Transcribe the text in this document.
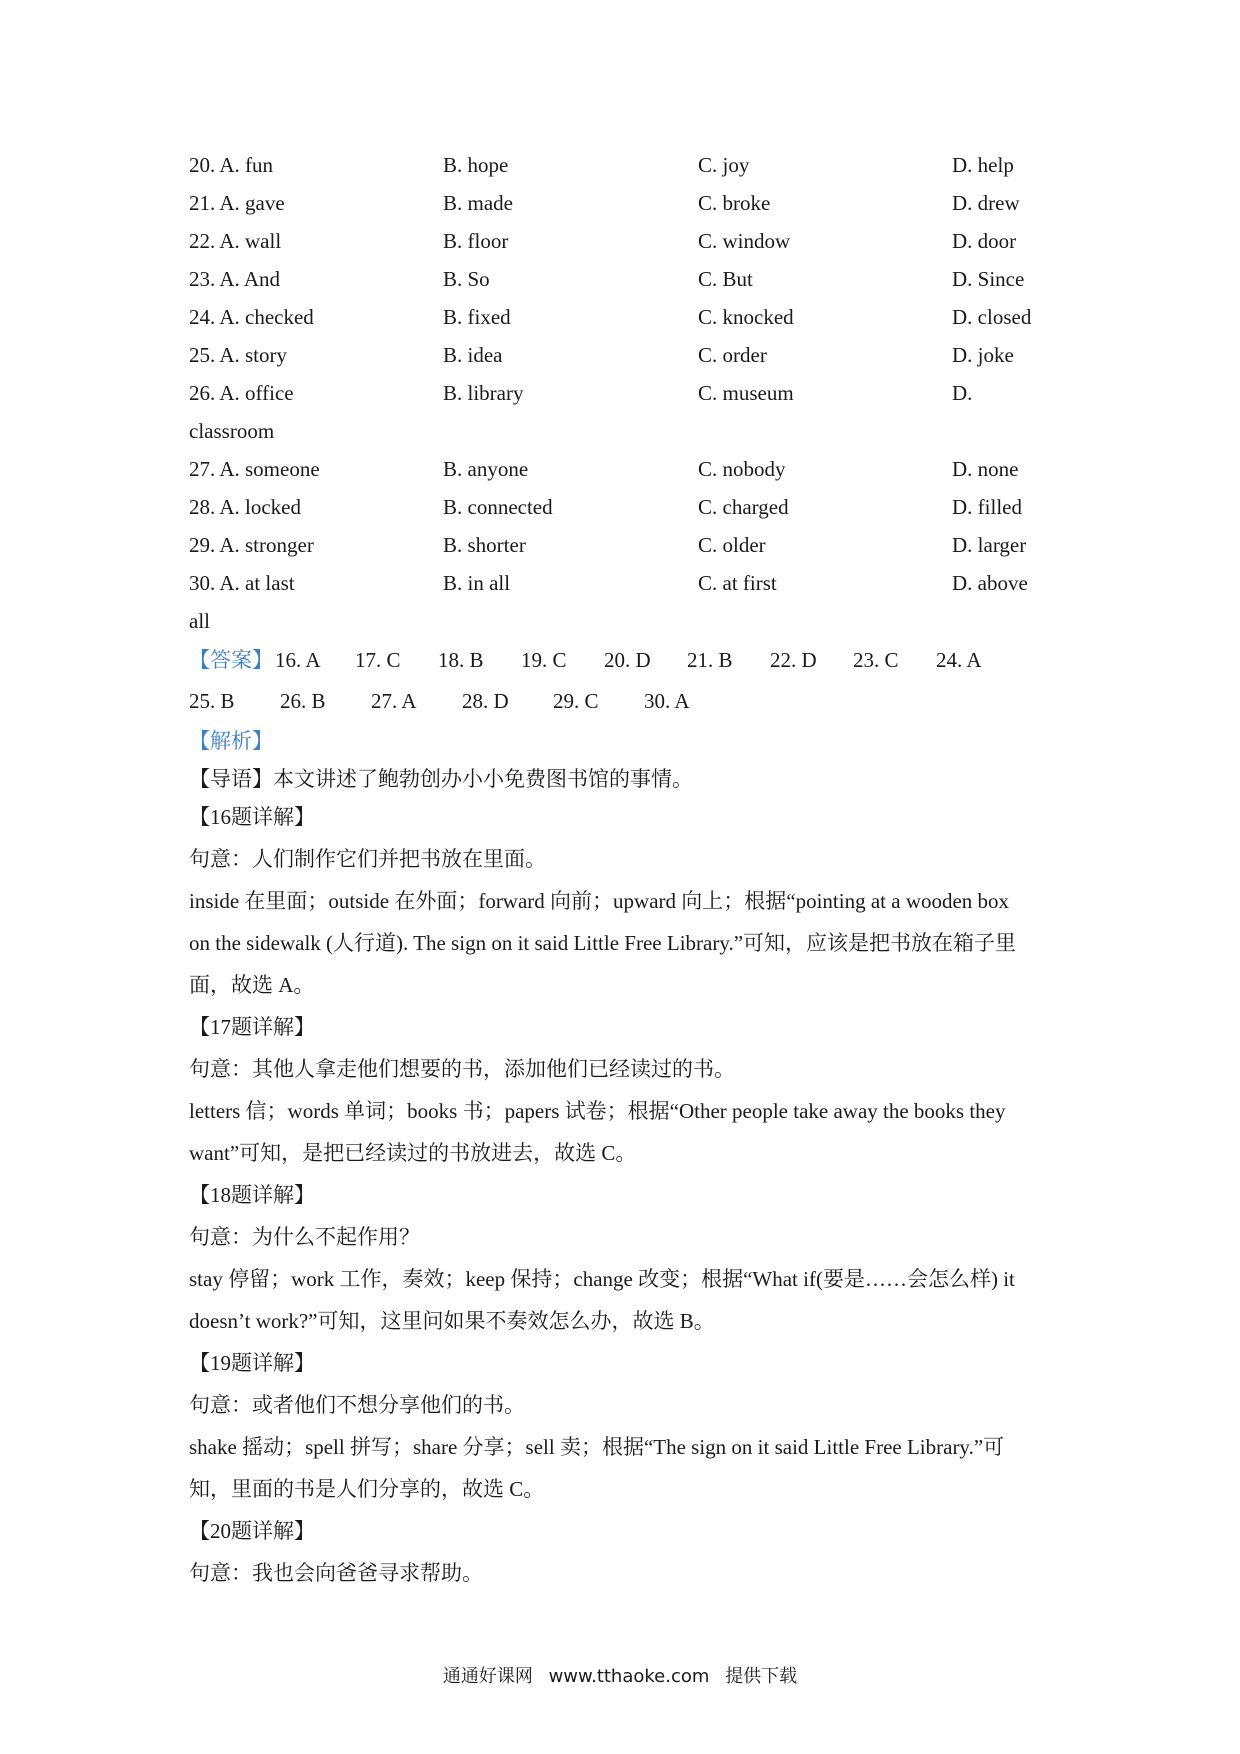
20. A. fun	B. hope	C. joy	D. help
21. A. gave	B. made	C. broke	D. drew
22. A. wall	B. floor	C. window	D. door
23. A. And	B. So	C. But	D. Since
24. A. checked	B. fixed	C. knocked	D. closed
25. A. story	B. idea	C. order	D. joke
26. A. office	B. library	C. museum	D.
classroom
27. A. someone	B. anyone	C. nobody	D. none
28. A. locked	B. connected	C. charged	D. filled
29. A. stronger	B. shorter	C. older	D. larger
30. A. at last	B. in all	C. at first	D. above
all
【答案】 16. A	17. C	18. B	19. C	20. D	21. B	22. D	23. C	24. A
25. B	26. B	27. A	28. D	29. C	30. A
【解析】
【导语】本文讲述了鲍勃创办小小免费图书馆的事情。
【16题详解】
句意：人们制作它们并把书放在里面。
inside 在里面；outside 在外面；forward 向前；upward 向上；根据“pointing at a wooden box
on the sidewalk (人行道). The sign on it said Little Free Library.”可知，应该是把书放在箱子里
面，故选 A。
【17题详解】
句意：其他人拿走他们想要的书，添加他们已经读过的书。
letters 信；words 单词；books 书；papers 试卷；根据“Other people take away the books they
want”可知，是把已经读过的书放进去，故选 C。
【18题详解】
句意：为什么不起作用？
stay 停留；work 工作，奏效；keep 保持；change 改变；根据“What if(要是……会怎么样) it
doesn’t work?”可知，这里问如果不奏效怎么办，故选 B。
【19题详解】
句意：或者他们不想分享他们的书。
shake 摇动；spell 拼写；share 分享；sell 卖；根据“The sign on it said Little Free Library.”可
知，里面的书是人们分享的，故选 C。
【20题详解】
句意：我也会向爸爸寻求帮助。
通通好课网 www.tthaoke.com 提供下载
